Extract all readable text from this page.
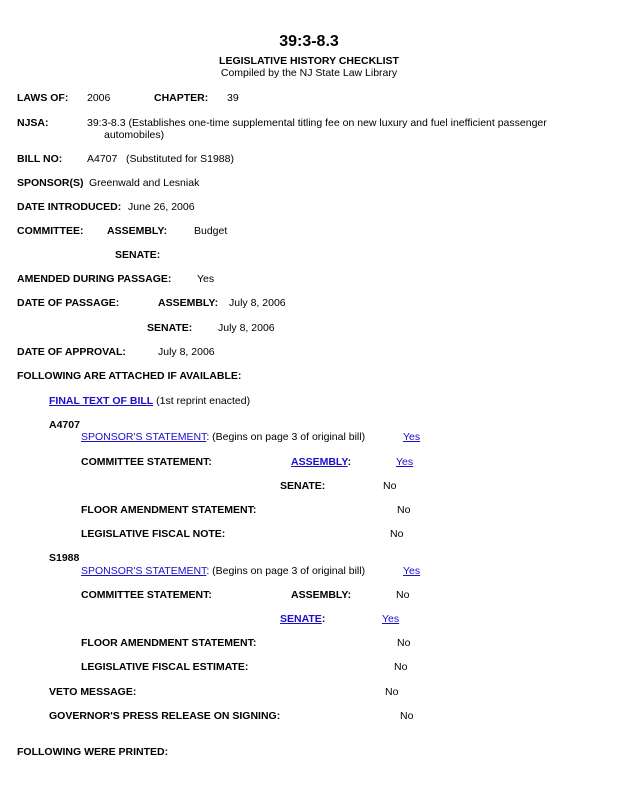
39:3-8.3
LEGISLATIVE HISTORY CHECKLIST
Compiled by the NJ State Law Library
LAWS OF: 2006	CHAPTER: 39
NJSA:	39:3-8.3 (Establishes one-time supplemental titling fee on new luxury and fuel inefficient passenger
automobiles)
BILL NO: A4707 (Substituted for S1988)
SPONSOR(S) Greenwald and Lesniak
DATE INTRODUCED: June 26, 2006
COMMITTEE: ASSEMBLY:	Budget
SENATE:
AMENDED DURING PASSAGE: Yes
DATE OF PASSAGE:	ASSEMBLY: July 8, 2006
SENATE: July 8, 2006
DATE OF APPROVAL:	July 8, 2006
FOLLOWING ARE ATTACHED IF AVAILABLE:
FINAL TEXT OF BILL (1st reprint enacted)
A4707
SPONSOR'S STATEMENT: (Begins on page 3 of original bill)	Yes
COMMITTEE STATEMENT:	ASSEMBLY:	Yes
SENATE:	No
FLOOR AMENDMENT STATEMENT:	No
LEGISLATIVE FISCAL NOTE:	No
S1988
SPONSOR'S STATEMENT: (Begins on page 3 of original bill)	Yes
COMMITTEE STATEMENT:	ASSEMBLY:	No
SENATE:	Yes
FLOOR AMENDMENT STATEMENT:	No
LEGISLATIVE FISCAL ESTIMATE:	No
VETO MESSAGE:	No
GOVERNOR'S PRESS RELEASE ON SIGNING:	No
FOLLOWING WERE PRINTED:
